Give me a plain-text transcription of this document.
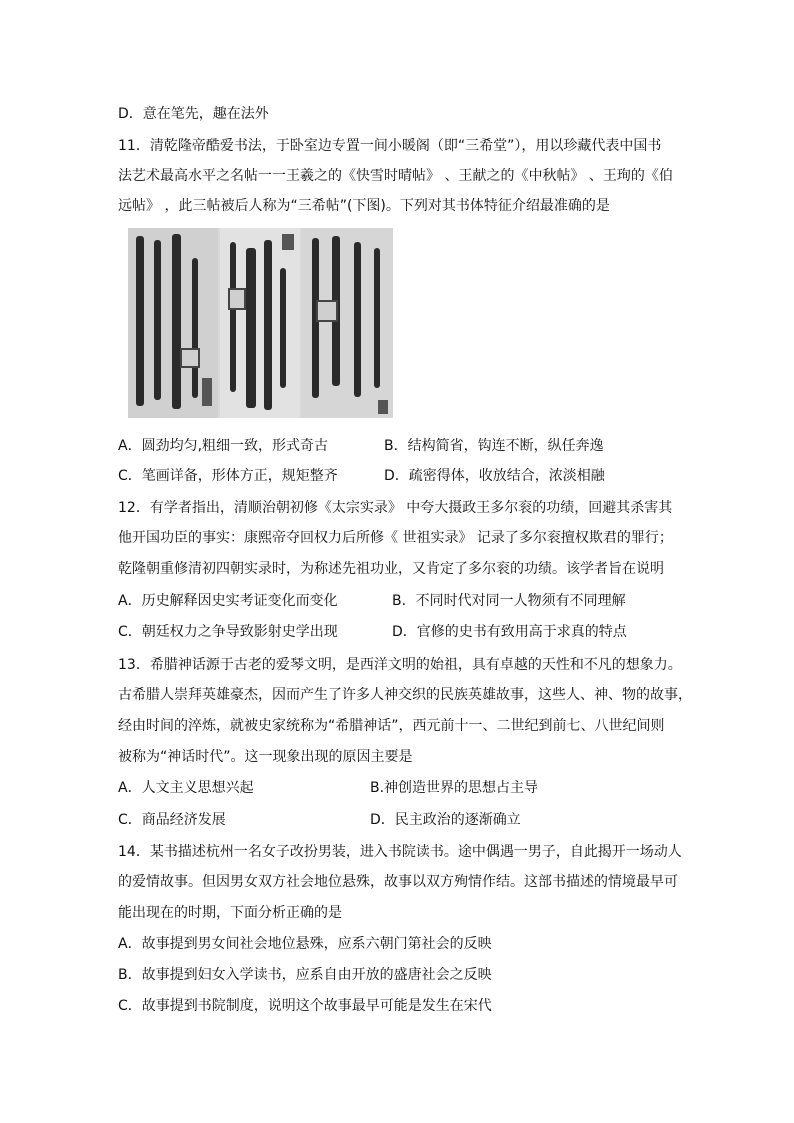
D．意在笔先，趣在法外
11．清乾隆帝酷爱书法，于卧室边专置一间小暖阁（即“三希堂”），用以珍藏代表中国书
法艺术最高水平之名帖一一王羲之的《快雪时晴帖》 、王献之的《中秋帖》 、王珣的《伯
远帖》 ，此三帖被后人称为“三希帖”(下图)。下列对其书体特征介绍最准确的是
A．圆劲均匀,粗细一致，形式奇古	B．结构简省，钩连不断，纵任奔逸
C．笔画详备，形体方正，规矩整齐	D．疏密得体，收放结合，浓淡相融
12．有学者指出，清顺治朝初修《太宗实录》 中夸大摄政王多尔衮的功绩，回避其杀害其
他开国功臣的事实：康熙帝夺回权力后所修《 世祖实录》 记录了多尔衮擅权欺君的罪行；
乾隆朝重修清初四朝实录时，为称述先祖功业，又肯定了多尔衮的功绩。该学者旨在说明
A．历史解释因史实考证变化而变化	B．不同时代对同一人物须有不同理解
C．朝廷权力之争导致影射史学出现	D．官修的史书有致用高于求真的特点
13．希腊神话源于古老的爱琴文明，是西洋文明的始祖，具有卓越的天性和不凡的想象力。
古希腊人崇拜英雄豪杰，因而产生了许多人神交织的民族英雄故事，这些人、神、物的故事，
经由时间的淬炼，就被史家统称为“希腊神话”，西元前十一、二世纪到前七、八世纪间则
被称为“神话时代”。这一现象出现的原因主要是
A．人文主义思想兴起	B.神创造世界的思想占主导
C．商品经济发展	D．民主政治的逐渐确立
14．某书描述杭州一名女子改扮男装，进入书院读书。途中偶遇一男子，自此揭开一场动人
的爱情故事。但因男女双方社会地位悬殊，故事以双方殉情作结。这部书描述的情境最早可
能出现在的时期，下面分析正确的是
A．故事提到男女间社会地位悬殊，应系六朝门第社会的反映
B．故事提到妇女入学读书，应系自由开放的盛唐社会之反映
C．故事提到书院制度，说明这个故事最早可能是发生在宋代
